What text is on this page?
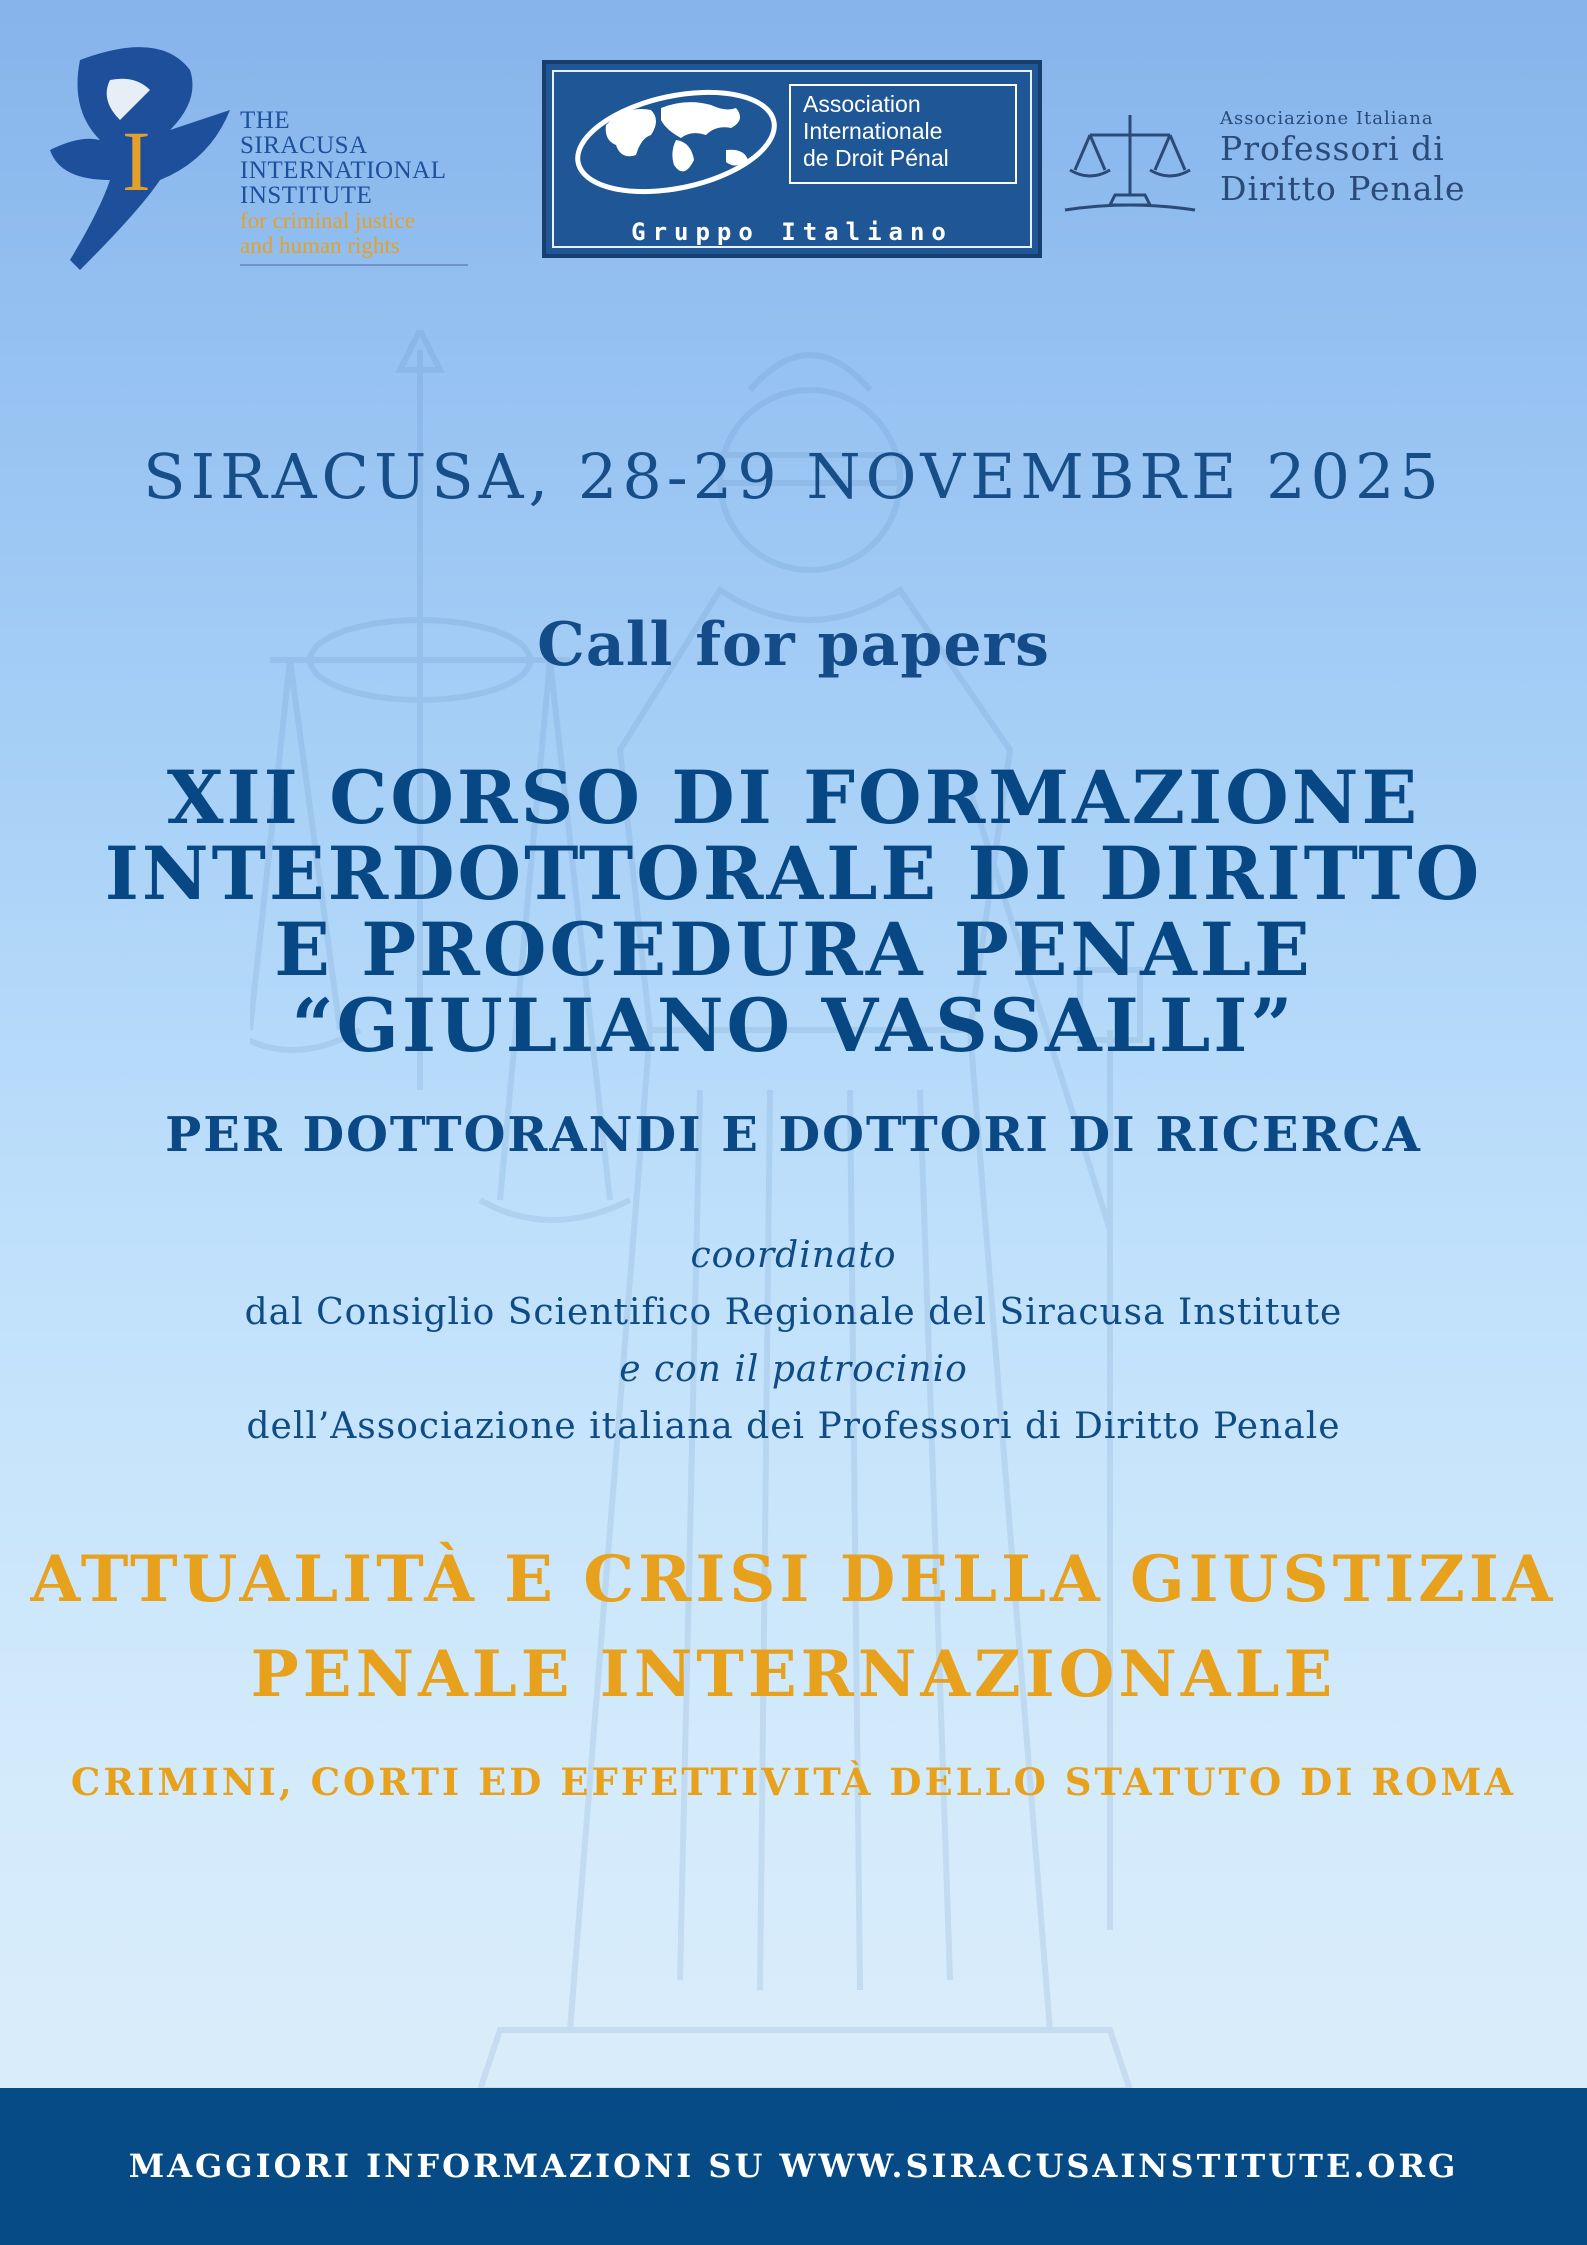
I	THE
SIRACUSA
INTERNATIONAL
INSTITUTE
for criminal justice
and human rights
Association
Internationale
de Droit Pénal
Gruppo Italiano
Associazione Italiana
Professori di
Diritto Penale
SIRACUSA, 28-29 NOVEMBRE 2025
Call for papers
XII CORSO DI FORMAZIONE
INTERDOTTORALE DI DIRITTO
E PROCEDURA PENALE
“GIULIANO VASSALLI”
PER DOTTORANDI E DOTTORI DI RICERCA
coordinato
dal Consiglio Scientifico Regionale del Siracusa Institute
e con il patrocinio
dell’Associazione italiana dei Professori di Diritto Penale
ATTUALITÀ E CRISI DELLA GIUSTIZIA
PENALE INTERNAZIONALE
CRIMINI, CORTI ED EFFETTIVITÀ DELLO STATUTO DI ROMA
MAGGIORI INFORMAZIONI SU WWW.SIRACUSAINSTITUTE.ORG
